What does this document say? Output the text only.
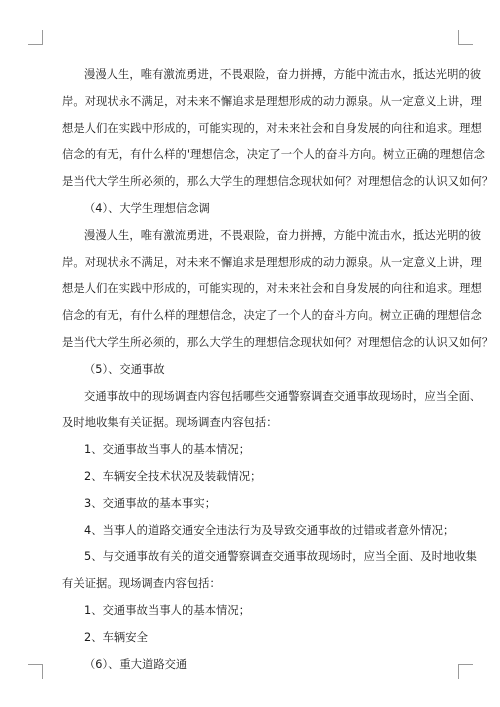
漫漫人生，唯有激流勇进，不畏艰险，奋力拼搏，方能中流击水，抵达光明的彼
岸。对现状永不满足，对未来不懈追求是理想形成的动力源泉。从一定意义上讲，理
想是人们在实践中形成的，可能实现的，对未来社会和自身发展的向往和追求。理想
信念的有无，有什么样的'理想信念，决定了一个人的奋斗方向。树立正确的理想信念
是当代大学生所必须的，那么大学生的理想信念现状如何？对理想信念的认识又如何？
（4）、大学生理想信念调
漫漫人生，唯有激流勇进，不畏艰险，奋力拼搏，方能中流击水，抵达光明的彼
岸。对现状永不满足，对未来不懈追求是理想形成的动力源泉。从一定意义上讲，理
想是人们在实践中形成的，可能实现的，对未来社会和自身发展的向往和追求。理想
信念的有无，有什么样的理想信念，决定了一个人的奋斗方向。树立正确的理想信念
是当代大学生所必须的，那么大学生的理想信念现状如何？对理想信念的认识又如何？
（5）、交通事故
交通事故中的现场调查内容包括哪些交通警察调查交通事故现场时，应当全面、
及时地收集有关证据。现场调查内容包括：
1、交通事故当事人的基本情况；
2、车辆安全技术状况及装载情况；
3、交通事故的基本事实；
4、当事人的道路交通安全违法行为及导致交通事故的过错或者意外情况；
5、与交通事故有关的道交通警察调查交通事故现场时，应当全面、及时地收集
有关证据。现场调查内容包括：
1、交通事故当事人的基本情况；
2、车辆安全
（6）、重大道路交通
